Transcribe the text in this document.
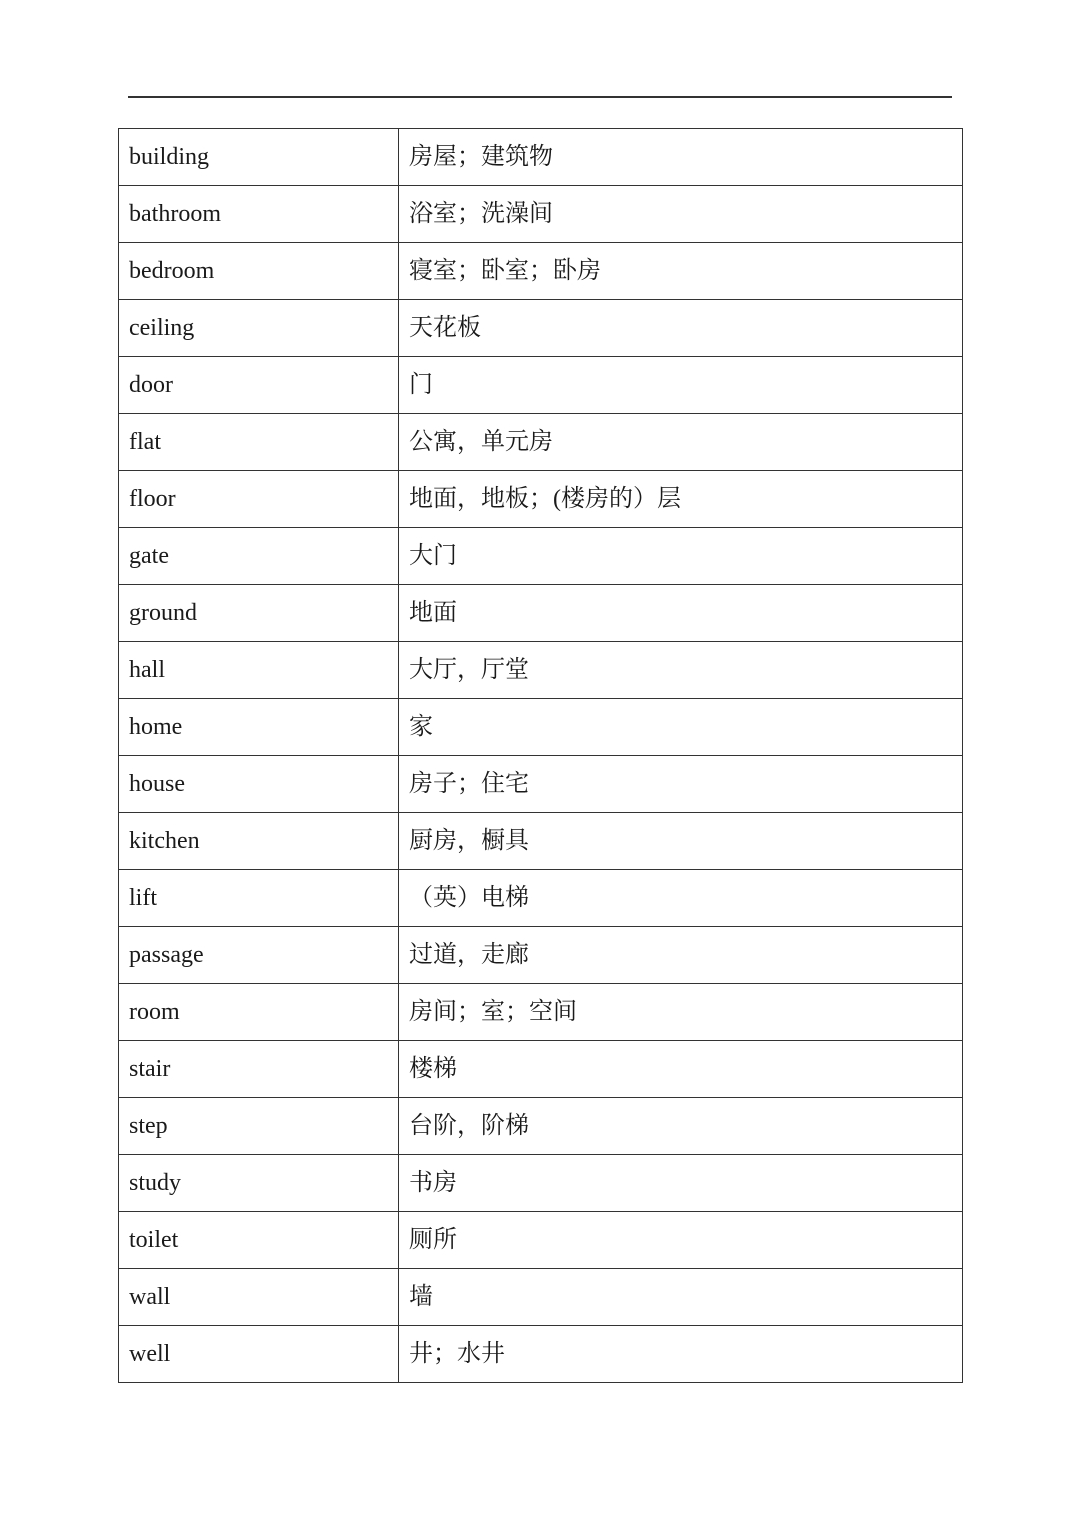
building	房屋；建筑物
bathroom	浴室；洗澡间
bedroom	寝室；卧室；卧房
ceiling	天花板
door	门
flat	公寓，单元房
floor	地面，地板；(楼房的）层
gate	大门
ground	地面
hall	大厅，厅堂
home	家
house	房子；住宅
kitchen	厨房，橱具
lift	（英）电梯
passage	过道，走廊
room	房间；室；空间
stair	楼梯
step	台阶，阶梯
study	书房
toilet	厕所
wall	墙
well	井；水井
